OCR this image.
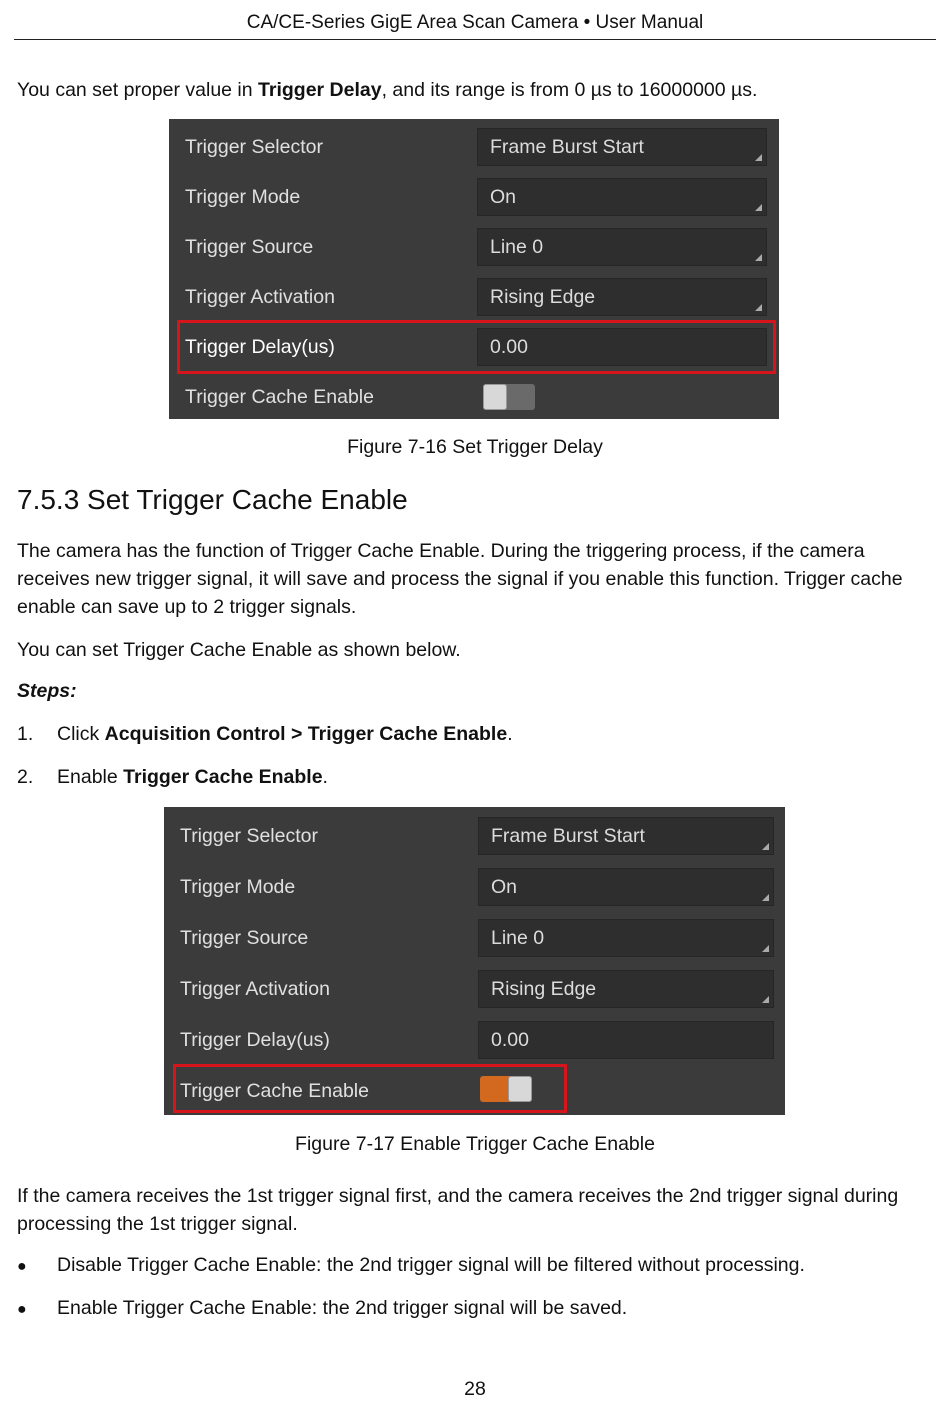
CA/CE-Series GigE Area Scan Camera • User Manual
You can set proper value in Trigger Delay, and its range is from 0 µs to 16000000 µs.
Trigger Selector	Frame Burst Start
Trigger Mode	On
Trigger Source	Line 0
Trigger Activation	Rising Edge
Trigger Delay(us)	0.00
Trigger Cache Enable
Figure 7-16 Set Trigger Delay
7.5.3 Set Trigger Cache Enable
The camera has the function of Trigger Cache Enable. During the triggering process, if the camera receives new trigger signal, it will save and process the signal if you enable this function. Trigger cache enable can save up to 2 trigger signals.
You can set Trigger Cache Enable as shown below.
Steps:
1. Click Acquisition Control > Trigger Cache Enable.
2. Enable Trigger Cache Enable.
Trigger Selector	Frame Burst Start
Trigger Mode	On
Trigger Source	Line 0
Trigger Activation	Rising Edge
Trigger Delay(us)	0.00
Trigger Cache Enable
Figure 7-17 Enable Trigger Cache Enable
If the camera receives the 1st trigger signal first, and the camera receives the 2nd trigger signal during processing the 1st trigger signal.
● Disable Trigger Cache Enable: the 2nd trigger signal will be filtered without processing.
● Enable Trigger Cache Enable: the 2nd trigger signal will be saved.
28
